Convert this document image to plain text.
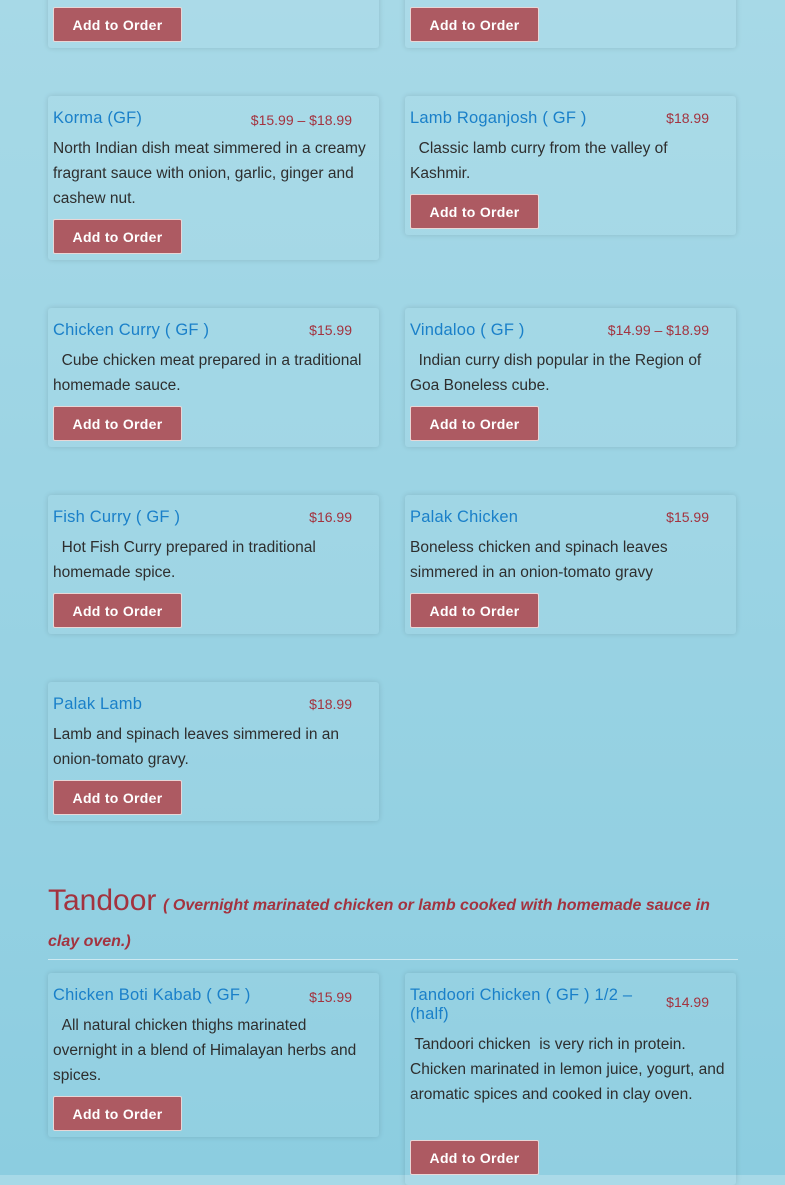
Add to Order	Add to Order
Korma (GF)	$15.99 – $18.99
North Indian dish meat simmered in a creamy fragrant sauce with onion, garlic, ginger and cashew nut.
Add to Order
Lamb Roganjosh ( GF )	$18.99
Classic lamb curry from the valley of Kashmir.
Add to Order
Chicken Curry ( GF )	$15.99
Cube chicken meat prepared in a traditional homemade sauce.
Add to Order
Vindaloo ( GF )	$14.99 – $18.99
Indian curry dish popular in the Region of Goa Boneless cube.
Add to Order
Fish Curry ( GF )	$16.99
Hot Fish Curry prepared in traditional homemade spice.
Add to Order
Palak Chicken	$15.99
Boneless chicken and spinach leaves simmered in an onion-tomato gravy
Add to Order
Palak Lamb	$18.99
Lamb and spinach leaves simmered in an onion-tomato gravy.
Add to Order
Tandoor ( Overnight marinated chicken or lamb cooked with homemade sauce in clay oven.)
Chicken Boti Kabab ( GF )	$15.99
All natural chicken thighs marinated overnight in a blend of Himalayan herbs and spices.
Add to Order
Tandoori Chicken ( GF ) 1/2 – (half)
$14.99
Tandoori chicken  is very rich in protein. Chicken marinated in lemon juice, yogurt, and aromatic spices and cooked in clay oven.
Add to Order
